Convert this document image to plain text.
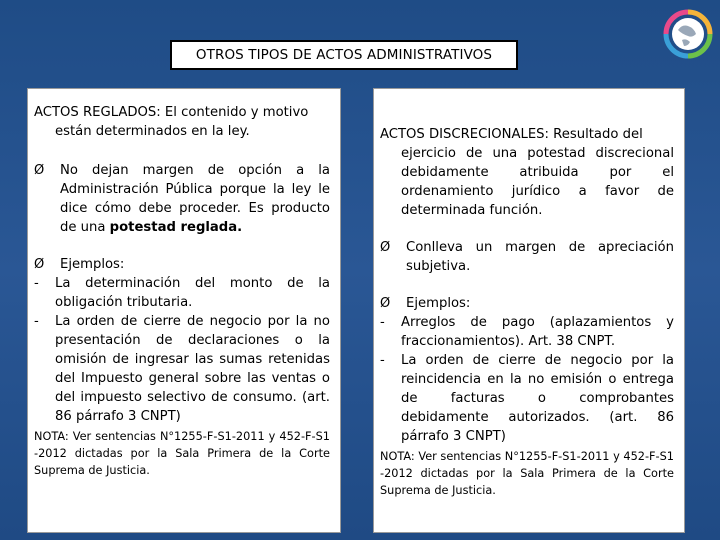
OTROS TIPOS DE ACTOS ADMINISTRATIVOS
ACTOS REGLADOS: El contenido y motivo
están determinados en la ley.
Ø	No dejan margen de opción a la Administración Pública porque la ley le dice cómo debe proceder. Es producto de una potestad reglada.
Ø	Ejemplos:
-	La determinación del monto de la obligación tributaria.
-	La orden de cierre de negocio por la no presentación de declaraciones o la omisión de ingresar las sumas retenidas del Impuesto general sobre las ventas o del impuesto selectivo de consumo. (art. 86 párrafo 3 CNPT)
NOTA: Ver sentencias N°1255-F-S1-2011 y 452-F-S1 -2012 dictadas por la Sala Primera de la Corte Suprema de Justicia.
ACTOS DISCRECIONALES: Resultado del
ejercicio de una potestad discrecional debidamente atribuida por el ordenamiento jurídico a favor de determinada función.
Ø	Conlleva un margen de apreciación subjetiva.
Ø	Ejemplos:
-	Arreglos de pago (aplazamientos y fraccionamientos). Art. 38 CNPT.
-	La orden de cierre de negocio por la reincidencia en la no emisión o entrega de facturas o comprobantes debidamente autorizados. (art. 86 párrafo 3 CNPT)
NOTA: Ver sentencias N°1255-F-S1-2011 y 452-F-S1 -2012 dictadas por la Sala Primera de la Corte Suprema de Justicia.
